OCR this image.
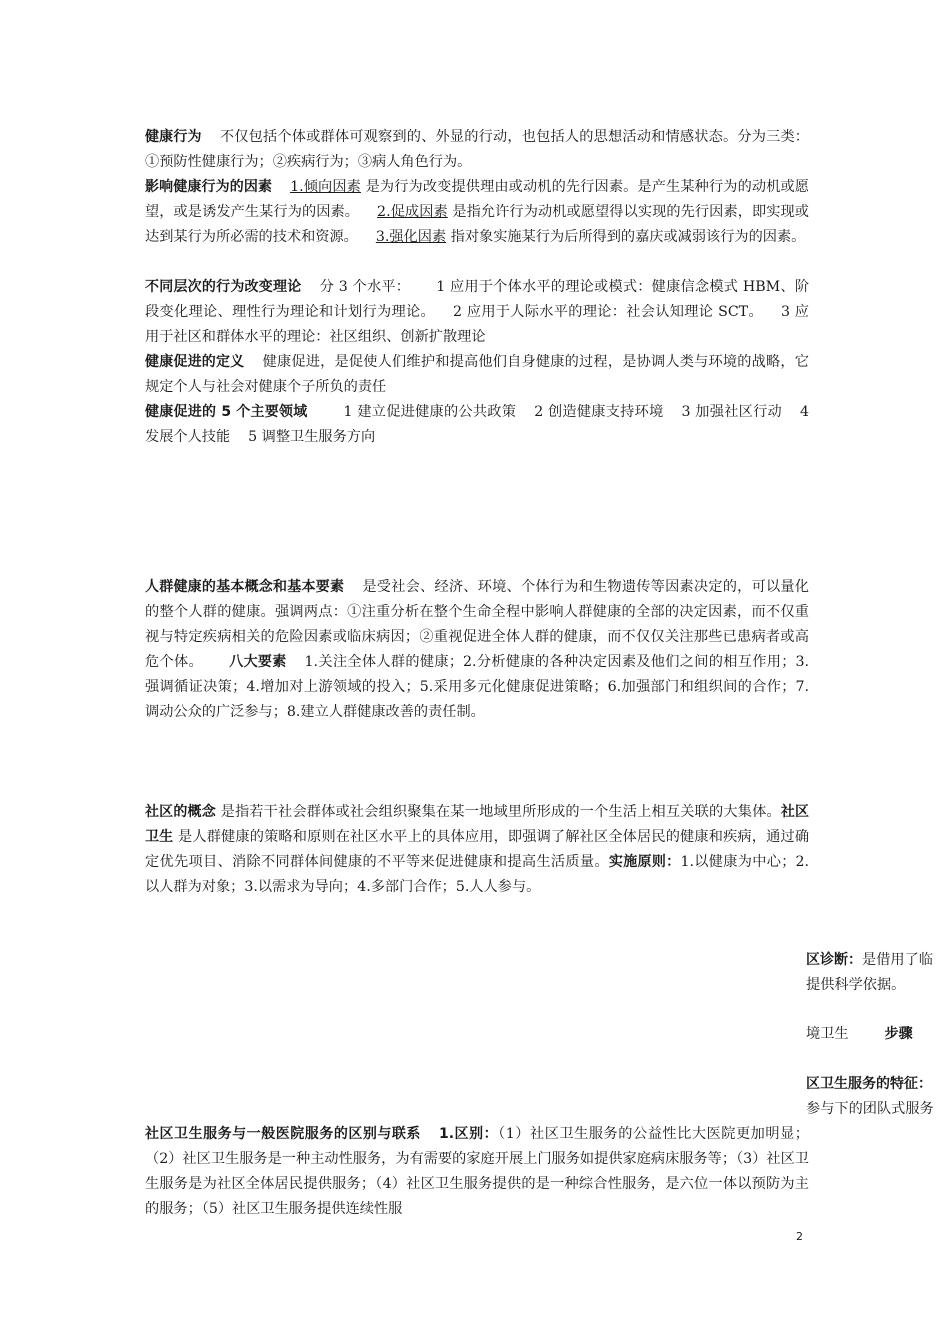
健康行为 不仅包括个体或群体可观察到的、外显的行动，也包括人的思想活动和情感状态。分为三类：①预防性健康行为；②疾病行为；③病人角色行为。

影响健康行为的因素 1.倾向因素 是为行为改变提供理由或动机的先行因素。是产生某种行为的动机或愿望，或是诱发产生某行为的因素。 2.促成因素 是指允许行为动机或愿望得以实现的先行因素，即实现或达到某行为所必需的技术和资源。 3.强化因素 指对象实施某行为后所得到的嘉庆或减弱该行为的因素。

不同层次的行为改变理论 分 3 个水平： 1 应用于个体水平的理论或模式：健康信念模式 HBM、阶段变化理论、理性行为理论和计划行为理论。 2 应用于人际水平的理论：社会认知理论 SCT。 3 应用于社区和群体水平的理论：社区组织、创新扩散理论

健康促进的定义 健康促进，是促使人们维护和提高他们自身健康的过程，是协调人类与环境的战略，它规定个人与社会对健康个子所负的责任

健康促进的 5 个主要领域	1 建立促进健康的公共政策 2 创造健康支持环境 3 加强社区行动 4 发展个人技能 5 调整卫生服务方向

人群健康的基本概念和基本要素 是受社会、经济、环境、个体行为和生物遗传等因素决定的，可以量化的整个人群的健康。强调两点：①注重分析在整个生命全程中影响人群健康的全部的决定因素，而不仅重视与特定疾病相关的危险因素或临床病因；②重视促进全体人群的健康，而不仅仅关注那些已患病者或高危个体。 八大要素 1.关注全体人群的健康；2.分析健康的各种决定因素及他们之间的相互作用；3.强调循证决策；4.增加对上游领域的投入；5.采用多元化健康促进策略；6.加强部门和组织间的合作；7.调动公众的广泛参与；8.建立人群健康改善的责任制。

社区的概念 是指若干社会群体或社会组织聚集在某一地域里所形成的一个生活上相互关联的大集体。社区卫生 是人群健康的策略和原则在社区水平上的具体应用，即强调了解社区全体居民的健康和疾病，通过确定优先项目、消除不同群体间健康的不平等来促进健康和提高生活质量。实施原则：1.以健康为中心；2.以人群为对象；3.以需求为导向；4.多部门合作；5.人人参与。

区诊断：是借用了临
提供科学依据。

境卫生	步骤

区卫生服务的特征：
参与下的团队式服务

社区卫生服务与一般医院服务的区别与联系 1.区别：（1）社区卫生服务的公益性比大医院更加明显；（2）社区卫生服务是一种主动性服务，为有需要的家庭开展上门服务如提供家庭病床服务等；（3）社区卫生服务是为社区全体居民提供服务；（4）社区卫生服务提供的是一种综合性服务，是六位一体以预防为主的服务；（5）社区卫生服务提供连续性服

2
